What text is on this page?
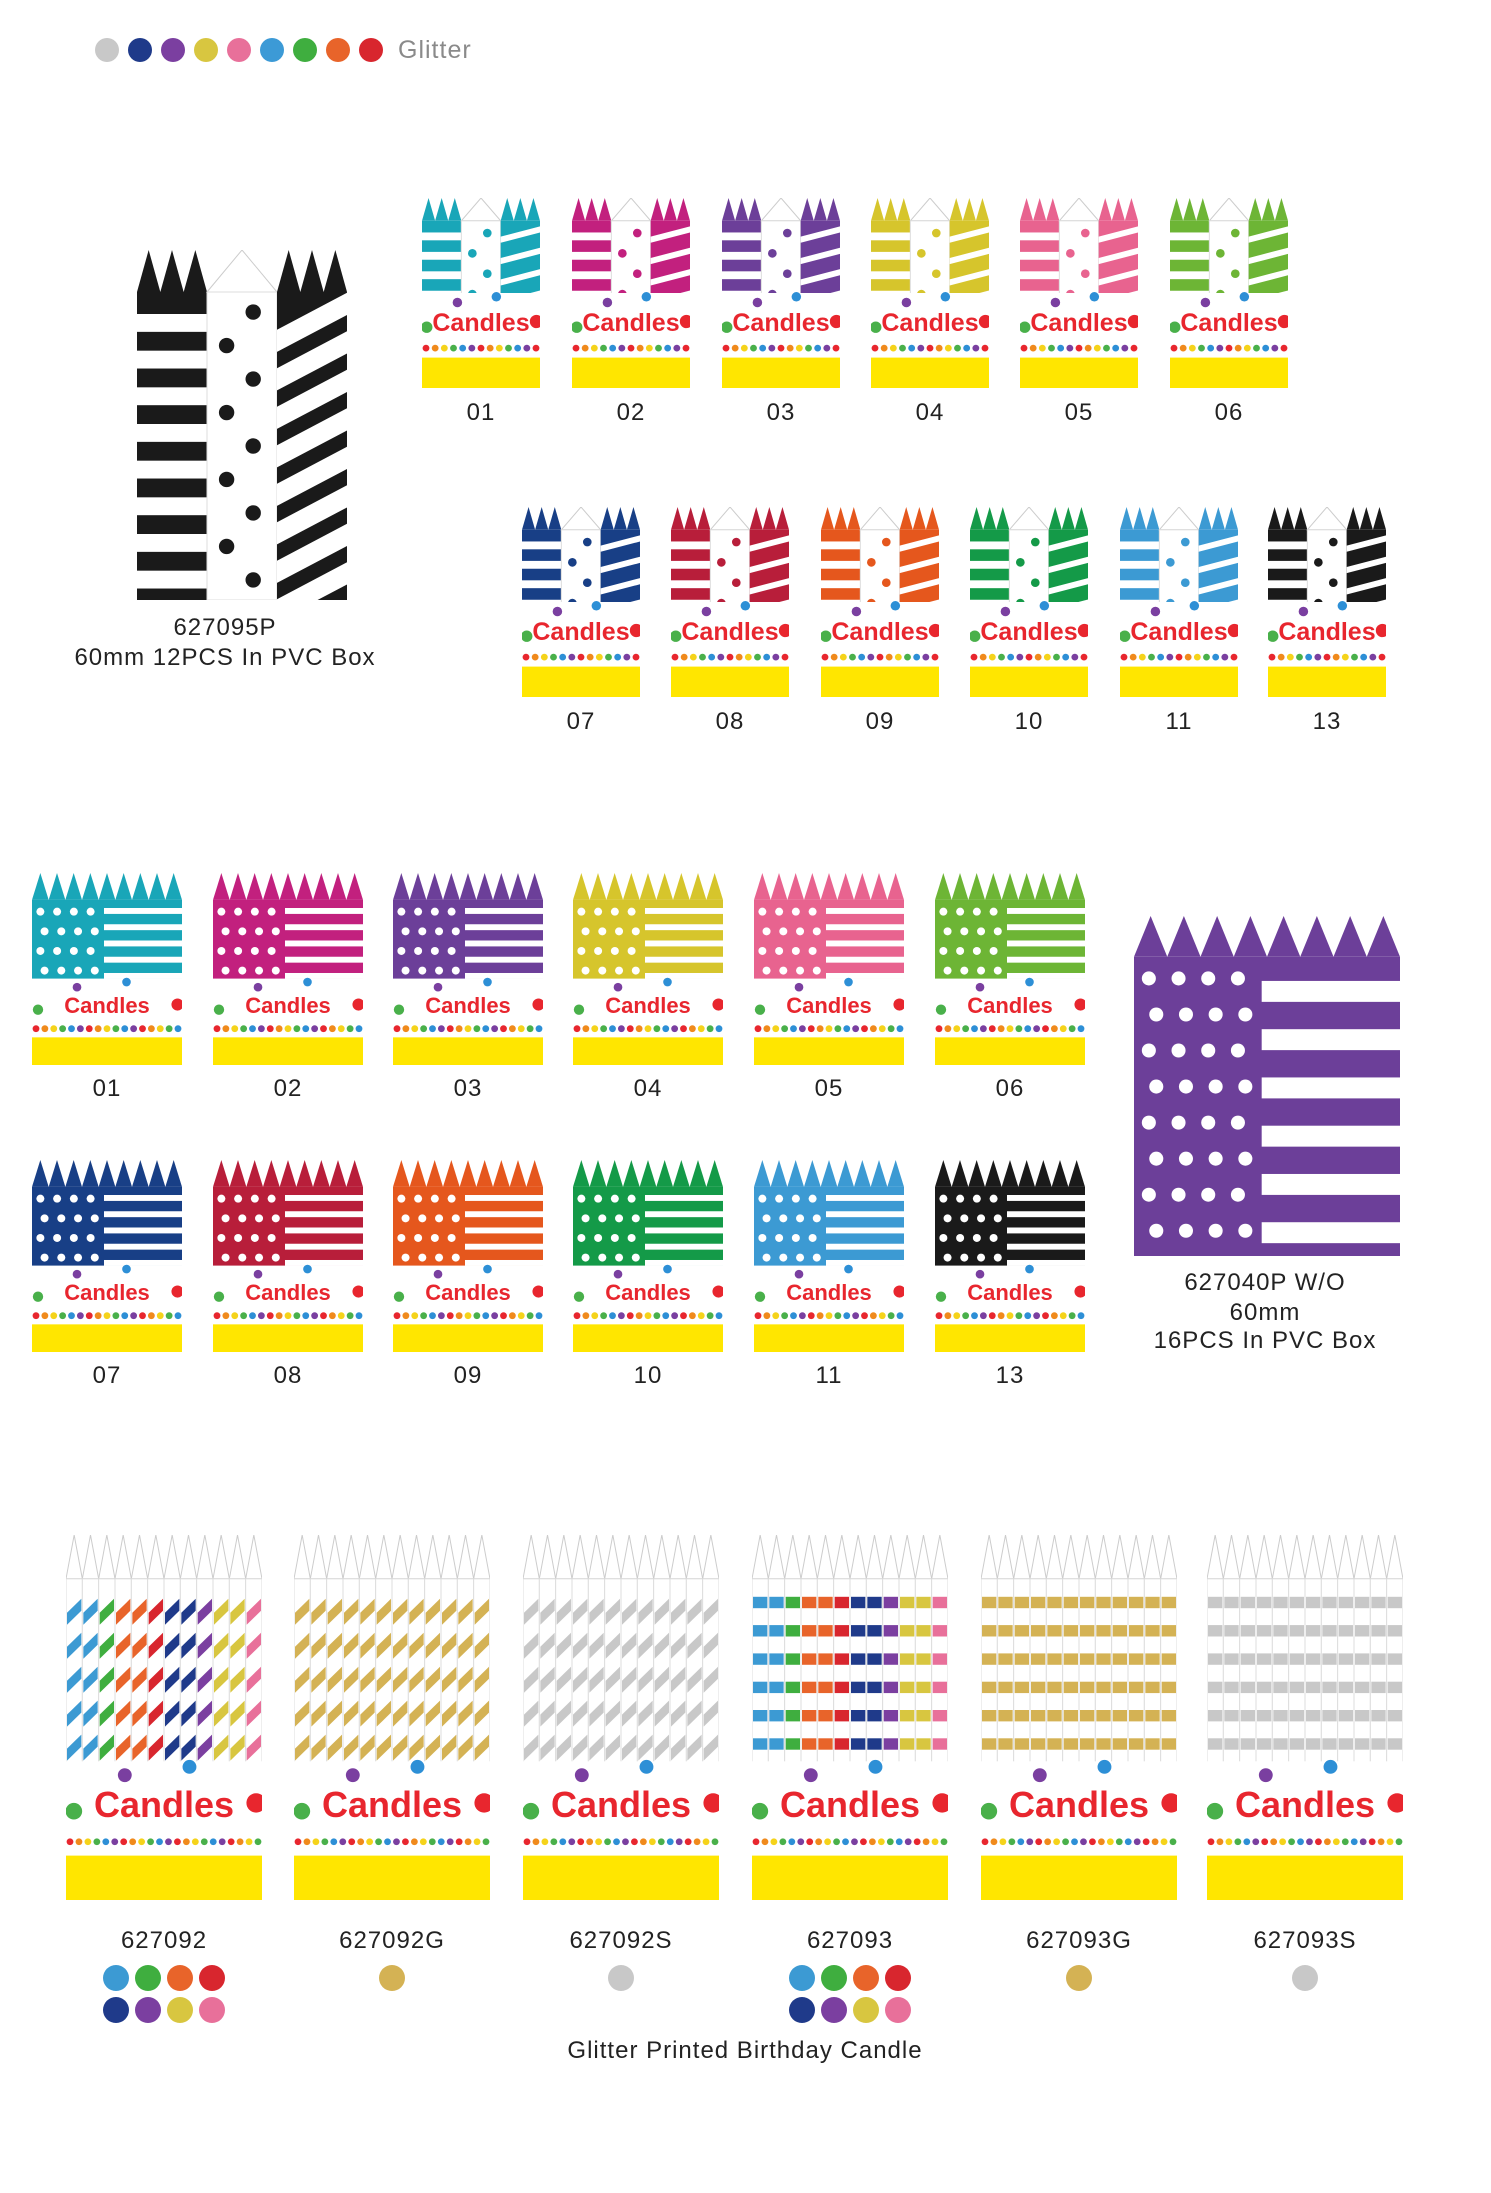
Glitter
627095P
60mm 12PCS In PVC Box
Candles
01
Candles
02
Candles
03
Candles
04
Candles
05
Candles
06
Candles
07
Candles
08
Candles
09
Candles
10
Candles
11
Candles
13
Candles
01
Candles
02
Candles
03
Candles
04
Candles
05
Candles
06
Candles
07
Candles
08
Candles
09
Candles
10
Candles
11
Candles
13
627040P W/O
60mm
16PCS In PVC Box
Candles
627092
Candles
627092G
Candles
627092S
Candles
627093
Candles
627093G
Candles
627093S
Glitter Printed Birthday Candle
